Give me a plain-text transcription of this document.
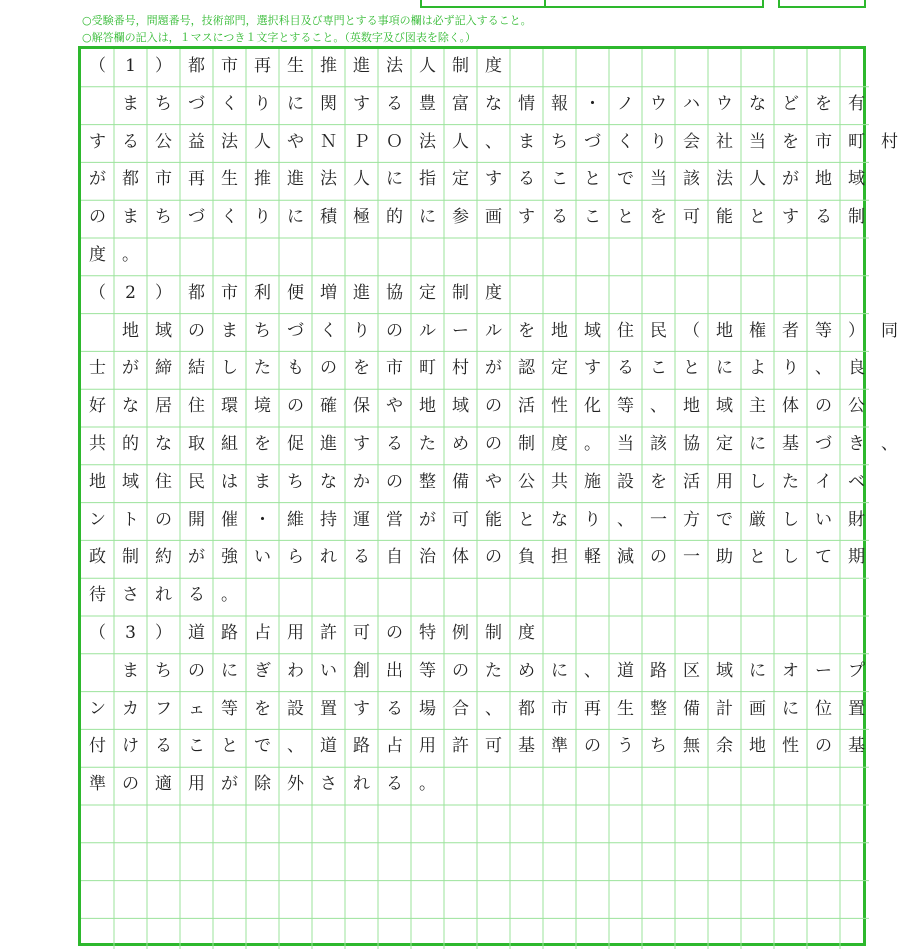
○受験番号，問題番号，技術部門，選択科目及び専門とする事項の欄は必ず記入すること。
○解答欄の記入は，１マスにつき１文字とすること。（英数字及び図表を除く。）
（	1	） 都 市 再 生 推 進 法 人 制 度

ま ち づ く り に 関 す る 豊 富 な 情 報 ・ ノ ウ ハ ウ な ど を 有
す る 公 益 法 人 や Ｎ Ｐ Ｏ 法 人 、 ま ち づ く り 会 社 当 を 市 町 村
が 都 市 再 生 推 進 法 人 に 指 定 す る こ と で 当 該 法 人 が 地 域
の ま ち づ く り に 積 極 的 に 参 画 す る こ と を 可 能 と す る 制
度 。
（	2	） 都 市 利 便 増 進 協 定 制 度

地 域 の ま ち づ く り の ル ー ル を 地 域 住 民 （ 地 権 者 等 ） 同
士 が 締 結 し た も の を 市 町 村 が 認 定 す る こ と に よ り 、 良
好 な 居 住 環 境 の 確 保 や 地 域 の 活 性 化 等 、 地 域 主 体 の 公
共 的 な 取 組 を 促 進 す る た め の 制 度 。 当 該 協 定 に 基 づ き 、
地 域 住 民 は ま ち な か の 整 備 や 公 共 施 設 を 活 用 し た イ ベ
ン ト の 開 催 ・ 維 持 運 営 が 可 能 と な り 、 一 方 で 厳 し い 財
政 制 約 が 強 い ら れ る 自 治 体 の 負 担 軽 減 の 一 助 と し て 期
待 さ れ る 。
（	3	） 道 路 占 用 許 可 の 特 例 制 度

ま ち の に ぎ わ い 創 出 等 の た め に 、 道 路 区 域 に オ ー プ
ン カ フ ェ 等 を 設 置 す る 場 合 、 都 市 再 生 整 備 計 画 に 位 置
付 け る こ と で 、 道 路 占 用 許 可 基 準 の う ち 無 余 地 性 の 基
準 の 適 用 が 除 外 さ れ る 。
